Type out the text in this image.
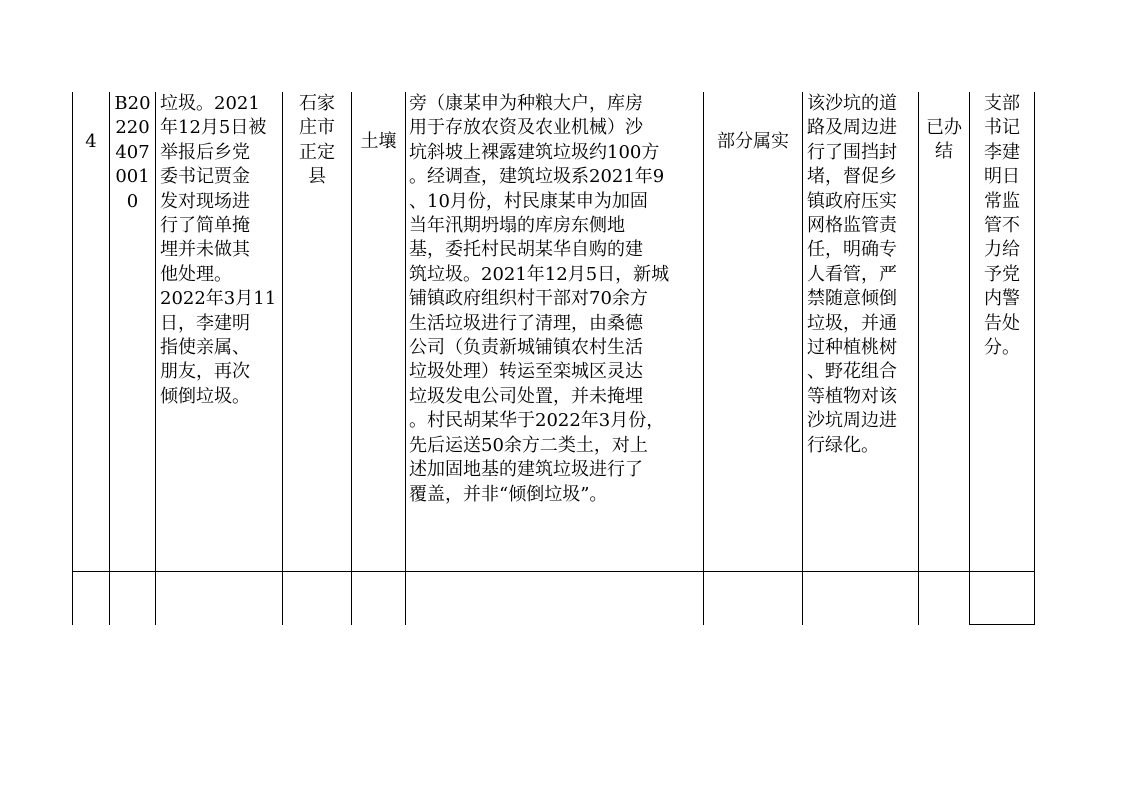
4
B20
220
407
001
0
垃圾。2021
年12月5日被
举报后乡党
委书记贾金
发对现场进
行了简单掩
埋并未做其
他处理。
2022年3月11
日，李建明
指使亲属、
朋友，再次
倾倒垃圾。
石家
庄市
正定
县
土壤
旁（康某申为种粮大户，库房
用于存放农资及农业机械）沙
坑斜坡上裸露建筑垃圾约100方
。经调查，建筑垃圾系2021年9
、10月份，村民康某申为加固
当年汛期坍塌的库房东侧地
基，委托村民胡某华自购的建
筑垃圾。2021年12月5日，新城
铺镇政府组织村干部对70余方
生活垃圾进行了清理，由桑德
公司（负责新城铺镇农村生活
垃圾处理）转运至栾城区灵达
垃圾发电公司处置，并未掩埋
。村民胡某华于2022年3月份，
先后运送50余方二类土，对上
述加固地基的建筑垃圾进行了
覆盖，并非“倾倒垃圾”。
部分属实
该沙坑的道
路及周边进
行了围挡封
堵，督促乡
镇政府压实
网格监管责
任，明确专
人看管，严
禁随意倾倒
垃圾，并通
过种植桃树
、野花组合
等植物对该
沙坑周边进
行绿化。
已办
结
支部
书记
李建
明日
常监
管不
力给
予党
内警
告处
分。
